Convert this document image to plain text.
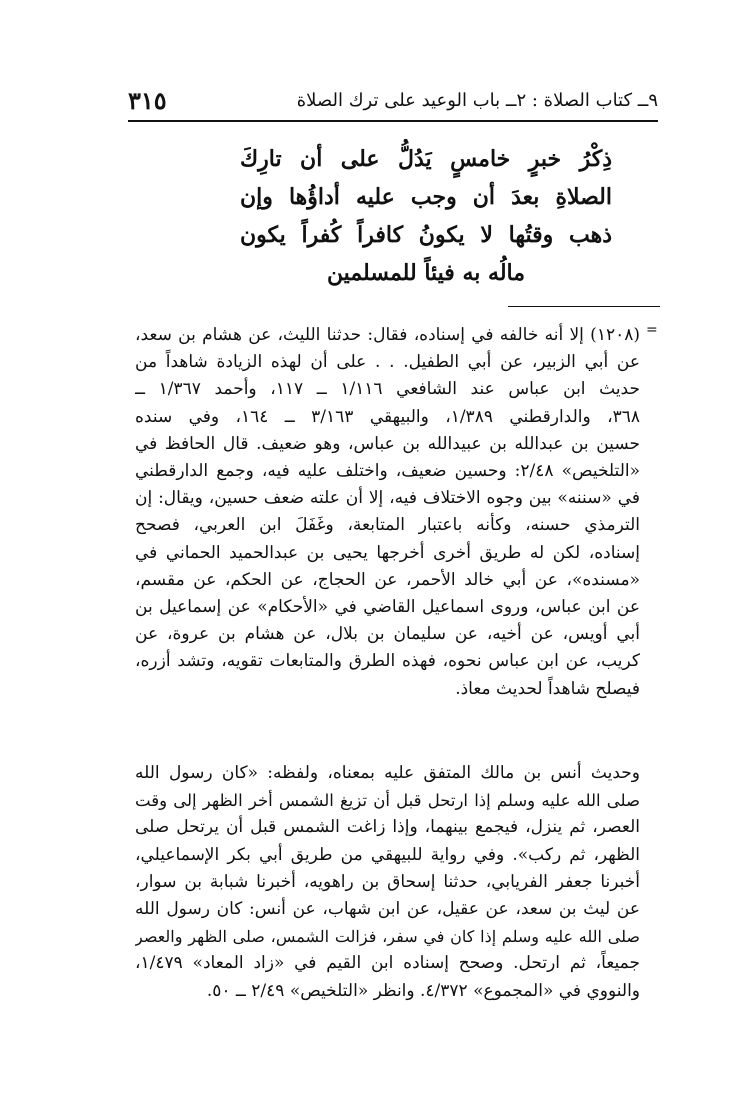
٣١٥	٩ــ كتاب الصلاة : ٢ــ باب الوعيد على ترك الصلاة
ذِكْرُ خبرٍ خامسٍ يَدُلُّ على أن تارِكَ
الصلاةِ بعدَ أن وجب عليه أداؤُها وإن
ذهب وقتُها لا يكونُ كافراً كُفراً يكون
مالُه به فيئاً للمسلمين
=
(١٢٠٨) إلا أنه خالفه في إسناده، فقال: حدثنا الليث، عن هشام بن سعد،
عن أبي الزبير، عن أبي الطفيل. . . على أن لهذه الزيادة شاهداً من
حديث ابن عباس عند الشافعي ١/١١٦ ــ ١١٧، وأحمد ١/٣٦٧ ــ
٣٦٨، والدارقطني ١/٣٨٩، والبيهقي ٣/١٦٣ ــ ١٦٤، وفي سنده
حسين بن عبدالله بن عبيدالله بن عباس، وهو ضعيف. قال الحافظ في
«التلخيص» ٢/٤٨: وحسين ضعيف، واختلف عليه فيه، وجمع الدارقطني
في «سننه» بين وجوه الاختلاف فيه، إلا أن علته ضعف حسين، ويقال: إن
الترمذي حسنه، وكأنه باعتبار المتابعة، وغَفَلَ ابن العربي، فصحح
إسناده، لكن له طريق أخرى أخرجها يحيى بن عبدالحميد الحماني في
«مسنده»، عن أبي خالد الأحمر، عن الحجاج، عن الحكم، عن مقسم،
عن ابن عباس، وروى اسماعيل القاضي في «الأحكام» عن إسماعيل بن
أبي أويس، عن أخيه، عن سليمان بن بلال، عن هشام بن عروة، عن
كريب، عن ابن عباس نحوه، فهذه الطرق والمتابعات تقويه، وتشد أزره،
فيصلح شاهداً لحديث معاذ.
وحديث أنس بن مالك المتفق عليه بمعناه، ولفظه: «كان رسول الله
صلى الله عليه وسلم إذا ارتحل قبل أن تزيغ الشمس أخر الظهر إلى وقت
العصر، ثم ينزل، فيجمع بينهما، وإذا زاغت الشمس قبل أن يرتحل صلى
الظهر، ثم ركب». وفي رواية للبيهقي من طريق أبي بكر الإسماعيلي،
أخبرنا جعفر الفريابي، حدثنا إسحاق بن راهويه، أخبرنا شبابة بن سوار،
عن ليث بن سعد، عن عقيل، عن ابن شهاب، عن أنس: كان رسول الله
صلى الله عليه وسلم إذا كان في سفر، فزالت الشمس، صلى الظهر والعصر
جميعاً، ثم ارتحل. وصحح إسناده ابن القيم في «زاد المعاد» ١/٤٧٩،
والنووي في «المجموع» ٤/٣٧٢. وانظر «التلخيص» ٢/٤٩ ــ ٥٠.
